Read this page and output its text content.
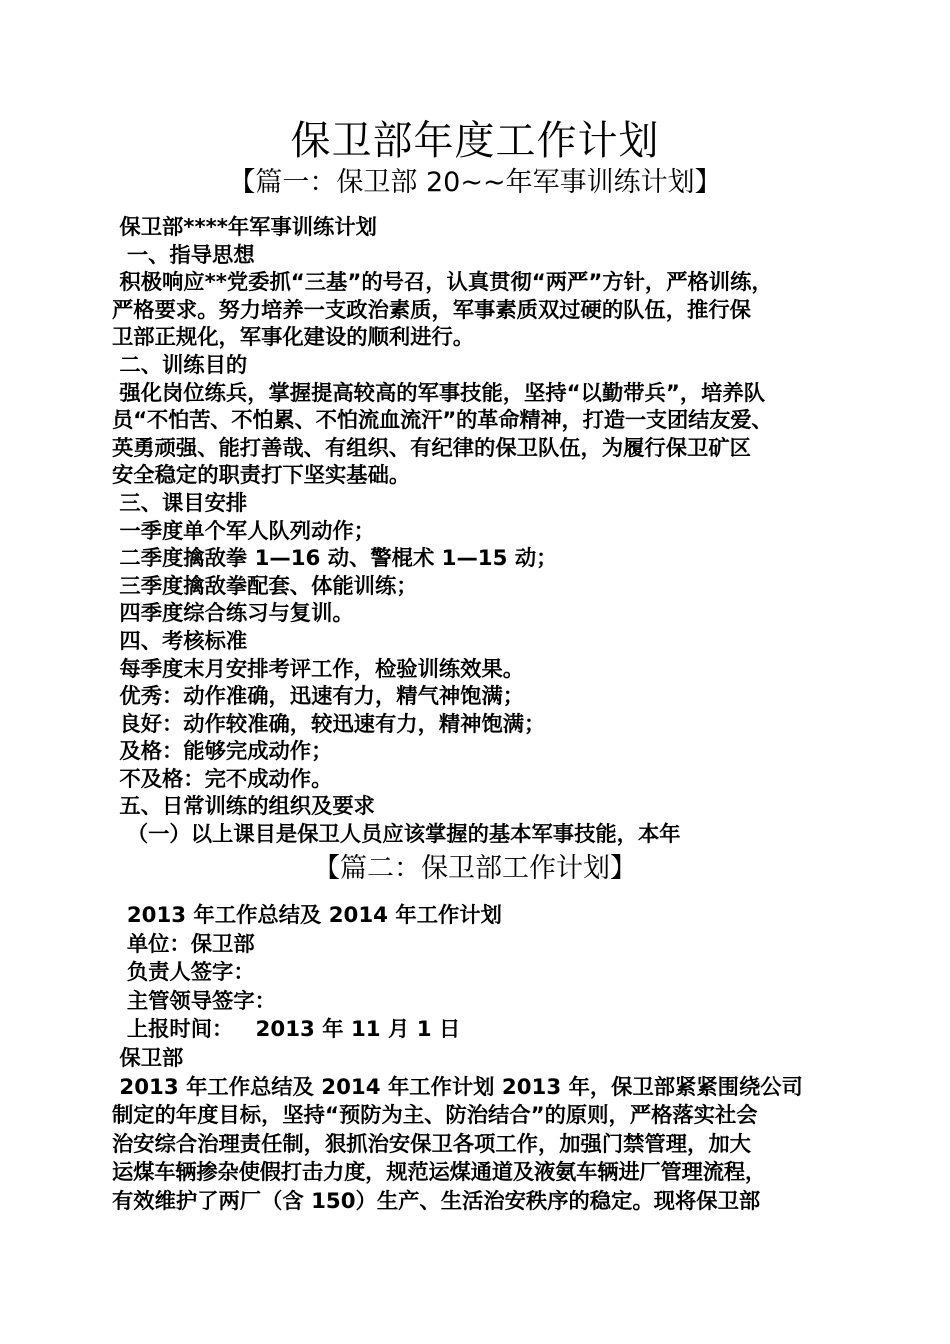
保卫部年度工作计划
【篇一：保卫部 20~~年军事训练计划】
保卫部****年军事训练计划
一、指导思想
积极响应**党委抓“三基”的号召，认真贯彻“两严”方针，严格训练，
严格要求。努力培养一支政治素质，军事素质双过硬的队伍，推行保
卫部正规化，军事化建设的顺利进行。
二、训练目的
强化岗位练兵，掌握提高较高的军事技能，坚持“以勤带兵”，培养队
员“不怕苦、不怕累、不怕流血流汗”的革命精神，打造一支团结友爱、
英勇顽强、能打善哉、有组织、有纪律的保卫队伍，为履行保卫矿区
安全稳定的职责打下坚实基础。
三、课目安排
一季度单个军人队列动作；
二季度擒敌拳 1—16 动、警棍术 1—15 动；
三季度擒敌拳配套、体能训练；
四季度综合练习与复训。
四、考核标准
每季度末月安排考评工作，检验训练效果。
优秀：动作准确，迅速有力，精气神饱满；
良好：动作较准确，较迅速有力，精神饱满；
及格：能够完成动作；
不及格：完不成动作。
五、日常训练的组织及要求
（一）以上课目是保卫人员应该掌握的基本军事技能，本年
【篇二：保卫部工作计划】
2013 年工作总结及 2014 年工作计划
单位：保卫部
负责人签字：
主管领导签字：
上报时间：   2013 年 11 月 1 日
保卫部
2013 年工作总结及 2014 年工作计划 2013 年，保卫部紧紧围绕公司
制定的年度目标，坚持“预防为主、防治结合”的原则，严格落实社会
治安综合治理责任制，狠抓治安保卫各项工作，加强门禁管理，加大
运煤车辆掺杂使假打击力度，规范运煤通道及液氨车辆进厂管理流程，
有效维护了两厂（含 150）生产、生活治安秩序的稳定。现将保卫部
